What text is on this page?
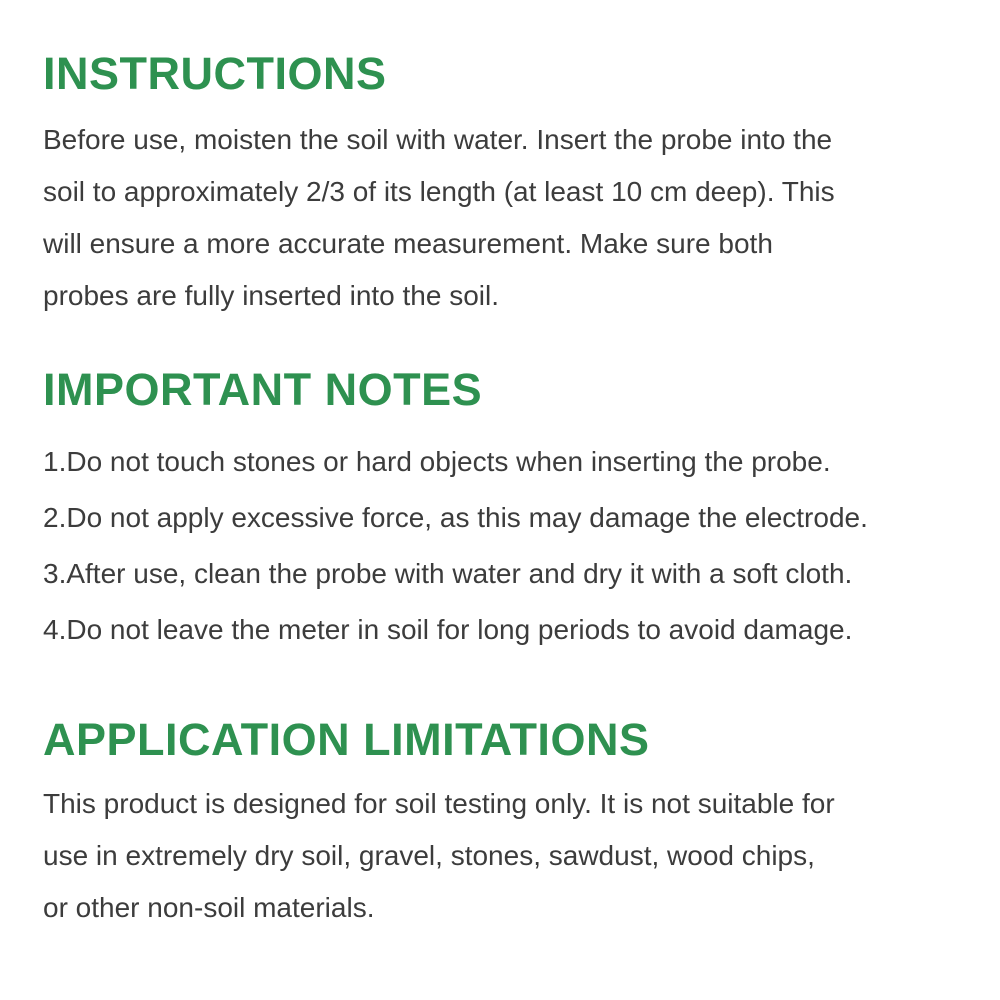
INSTRUCTIONS

Before use, moisten the soil with water. Insert the probe into the
soil to approximately 2/3 of its length (at least 10 cm deep). This
will ensure a more accurate measurement. Make sure both
probes are fully inserted into the soil.

IMPORTANT NOTES
1.Do not touch stones or hard objects when inserting the probe.
2.Do not apply excessive force, as this may damage the electrode.
3.After use, clean the probe with water and dry it with a soft cloth.
4.Do not leave the meter in soil for long periods to avoid damage.
APPLICATION LIMITATIONS

This product is designed for soil testing only. It is not suitable for
use in extremely dry soil, gravel, stones, sawdust, wood chips,
or other non-soil materials.
